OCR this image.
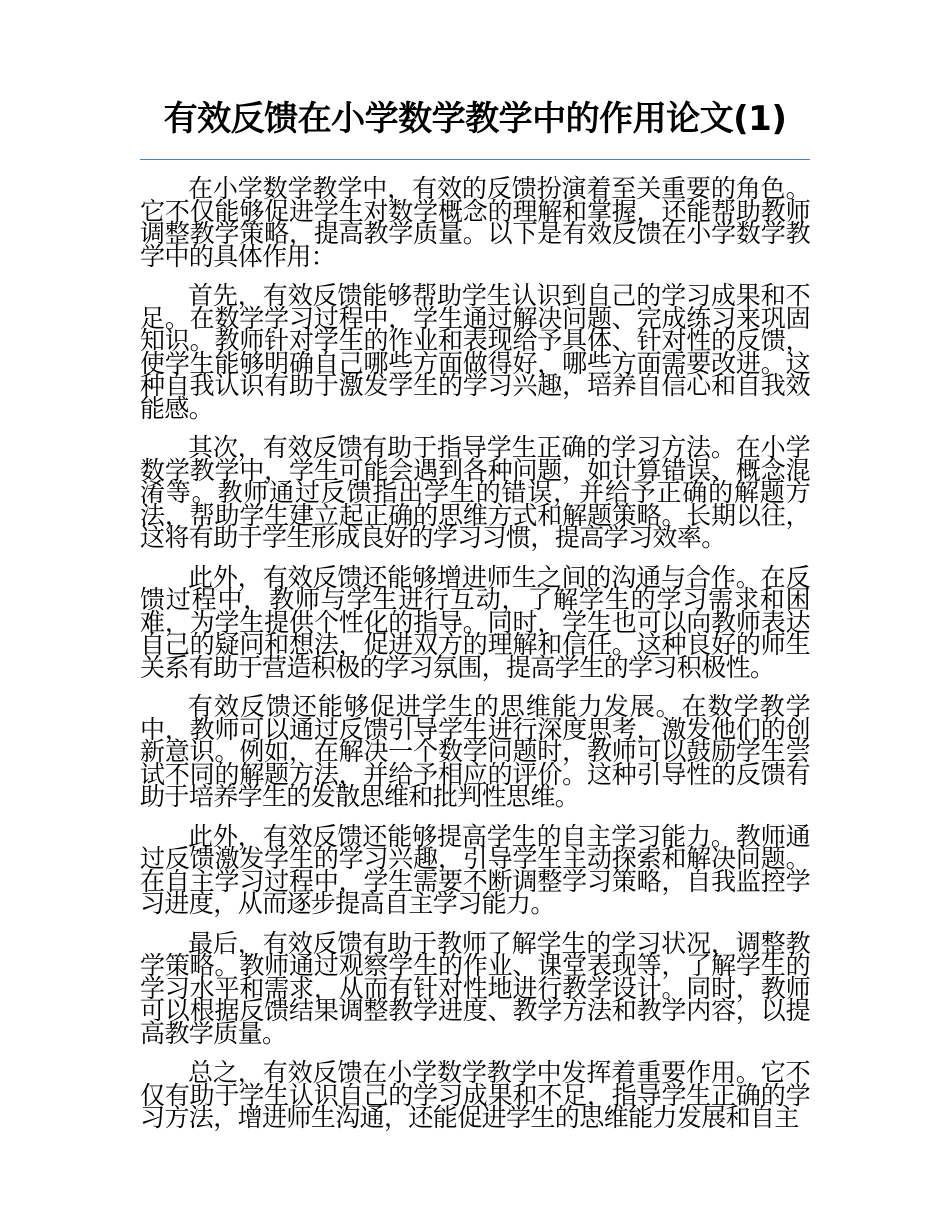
有效反馈在小学数学教学中的作用论文(1)

在小学数学教学中，有效的反馈扮演着至关重要的角色。它不仅能够促进学生对数学概念的理解和掌握，还能帮助教师调整教学策略，提高教学质量。以下是有效反馈在小学数学教学中的具体作用：

首先，有效反馈能够帮助学生认识到自己的学习成果和不足。在数学学习过程中，学生通过解决问题、完成练习来巩固知识。教师针对学生的作业和表现给予具体、针对性的反馈，使学生能够明确自己哪些方面做得好，哪些方面需要改进。这种自我认识有助于激发学生的学习兴趣，培养自信心和自我效能感。

其次，有效反馈有助于指导学生正确的学习方法。在小学数学教学中，学生可能会遇到各种问题，如计算错误、概念混淆等。教师通过反馈指出学生的错误，并给予正确的解题方法，帮助学生建立起正确的思维方式和解题策略。长期以往，这将有助于学生形成良好的学习习惯，提高学习效率。

此外，有效反馈还能够增进师生之间的沟通与合作。在反馈过程中，教师与学生进行互动，了解学生的学习需求和困难，为学生提供个性化的指导。同时，学生也可以向教师表达自己的疑问和想法，促进双方的理解和信任。这种良好的师生关系有助于营造积极的学习氛围，提高学生的学习积极性。

有效反馈还能够促进学生的思维能力发展。在数学教学中，教师可以通过反馈引导学生进行深度思考，激发他们的创新意识。例如，在解决一个数学问题时，教师可以鼓励学生尝试不同的解题方法，并给予相应的评价。这种引导性的反馈有助于培养学生的发散思维和批判性思维。

此外，有效反馈还能够提高学生的自主学习能力。教师通过反馈激发学生的学习兴趣，引导学生主动探索和解决问题。在自主学习过程中，学生需要不断调整学习策略，自我监控学习进度，从而逐步提高自主学习能力。

最后，有效反馈有助于教师了解学生的学习状况，调整教学策略。教师通过观察学生的作业、课堂表现等，了解学生的学习水平和需求，从而有针对性地进行教学设计。同时，教师可以根据反馈结果调整教学进度、教学方法和教学内容，以提高教学质量。

总之，有效反馈在小学数学教学中发挥着重要作用。它不仅有助于学生认识自己的学习成果和不足，指导学生正确的学习方法，增进师生沟通，还能促进学生的思维能力发展和自主
